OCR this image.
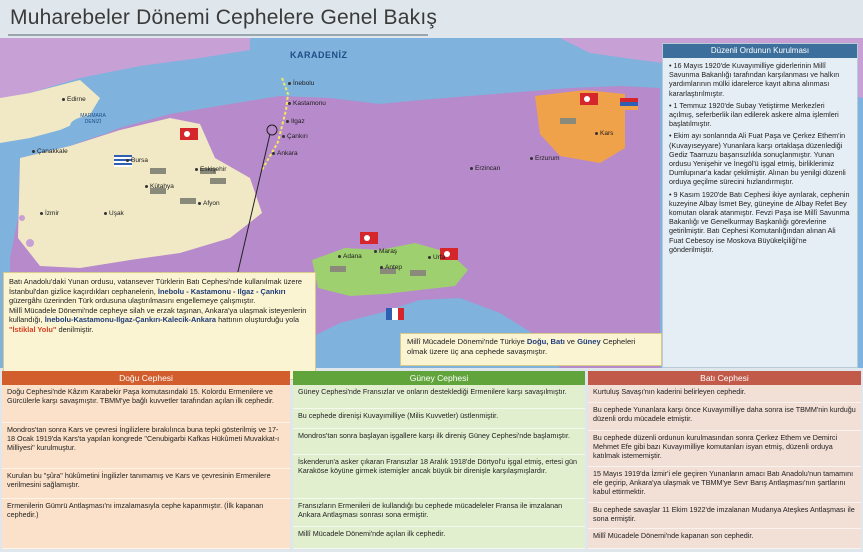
Muharebeler Dönemi Cephelere Genel Bakış
KARADENİZ
MARMARA DENİZİ
Edirne
Çanakkale
Bursa
Eskişehir
Kütahya
Afyon
Uşak
İzmir
İnebolu
Kastamonu
Ilgaz
Çankırı
Ankara
Erzurum
Erzincan
Kars
Adana
Maraş
Antep
Urfa
Batı Anadolu'daki Yunan ordusu, vatansever Türklerin Batı Cephesi'nde kullanılmak üzere İstanbul'dan gizlice kaçırdıkları cephanelerin, İnebolu - Kastamonu - Ilgaz - Çankırı güzergâhı üzerinden Türk ordusuna ulaştırılmasını engellemeye çalışmıştır.
Millî Mücadele Dönemi'nde cepheye silah ve erzak taşınan, Ankara'ya ulaşmak isteyenlerin kullandığı, İnebolu-Kastamonu-Ilgaz-Çankırı-Kalecik-Ankara hattının oluşturduğu yola "İstiklal Yolu" denilmiştir.
Millî Mücadele Dönemi'nde Türkiye Doğu, Batı ve Güney Cepheleri olmak üzere üç ana cephede savaşmıştır.
Düzenli Ordunun Kurulması

• 16 Mayıs 1920'de Kuvayımilliye giderlerinin Millî Savunma Bakanlığı tarafından karşılanması ve halkın yardımlarının mülki idarelerce kayıt altına alınması kararlaştırılmıştır.

• 1 Temmuz 1920'de Subay Yetiştirme Merkezleri açılmış, seferberlik ilan edilerek askere alma işlemleri başlatılmıştır.

• Ekim ayı sonlarında Ali Fuat Paşa ve Çerkez Ethem'in (Kuvayıseyyare) Yunanlara karşı ortaklaşa düzenlediği Gediz Taarruzu başarısızlıkla sonuçlanmıştır. Yunan ordusu Yenişehir ve İnegöl'ü işgal etmiş, birliklerimiz Dumlupınar'a kadar çekilmiştir. Alınan bu yenilgi düzenli orduya geçilme sürecini hızlandırmıştır.

• 9 Kasım 1920'de Batı Cephesi ikiye ayrılarak, cephenin kuzeyine Albay İsmet Bey, güneyine de Albay Refet Bey komutan olarak atanmıştır. Fevzi Paşa ise Millî Savunma Bakanlığı ve Genelkurmay Başkanlığı görevlerine getirilmiştir. Batı Cephesi Komutanlığından alınan Ali Fuat Cebesoy ise Moskova Büyükelçiliği'ne gönderilmiştir.

Doğu Cephesi
Doğu Cephesi'nde Kâzım Karabekir Paşa komutasındaki 15. Kolordu Ermenilere ve Gürcülerle karşı savaşmıştır. TBMM'ye bağlı kuvvetler tarafından açılan ilk cephedir.
Mondros'tan sonra Kars ve çevresi İngilizlere bırakılınca buna tepki gösterilmiş ve 17-18 Ocak 1919'da Kars'ta yapılan kongrede "Cenubigarbi Kafkas Hükûmeti Muvakkat-ı Milliyesi" kurulmuştur.
Kurulan bu "şûra" hükûmetini İngilizler tanımamış ve Kars ve çevresinin Ermenilere verilmesini sağlamıştır.
Ermenilerin Gümrü Antlaşması'nı imzalamasıyla cephe kapanmıştır. (İlk kapanan cephedir.)
Güney Cephesi
Güney Cephesi'nde Fransızlar ve onların desteklediği Ermenilere karşı savaşılmıştır.
Bu cephede direnişi Kuvayımilliye (Milis Kuvvetler) üstlenmiştir.
Mondros'tan sonra başlayan işgallere karşı ilk direniş Güney Cephesi'nde başlamıştır.
İskenderun'a asker çıkaran Fransızlar 18 Aralık 1918'de Dörtyol'u işgal etmiş, ertesi gün Karaköse köyüne girmek istemişler ancak büyük bir direnişle karşılaşmışlardır.
Fransızların Ermenileri de kullandığı bu cephede mücadeleler Fransa ile imzalanan Ankara Antlaşması sonrası sona ermiştir.
Millî Mücadele Dönemi'nde açılan ilk cephedir.
Batı Cephesi
Kurtuluş Savaşı'nın kaderini belirleyen cephedir.
Bu cephede Yunanlara karşı önce Kuvayımilliye daha sonra ise TBMM'nin kurduğu düzenli ordu mücadele etmiştir.
Bu cephede düzenli ordunun kurulmasından sonra Çerkez Ethem ve Demirci Mehmet Efe gibi bazı Kuvayımilliye komutanları isyan etmiş, düzenli orduya katılmak istememiştir.
15 Mayıs 1919'da İzmir'i ele geçiren Yunanların amacı Batı Anadolu'nun tamamını ele geçirip, Ankara'ya ulaşmak ve TBMM'ye Sevr Barış Antlaşması'nın şartlarını kabul ettirmektir.
Bu cephede savaşlar 11 Ekim 1922'de imzalanan Mudanya Ateşkes Antlaşması ile sona ermiştir.
Millî Mücadele Dönemi'nde kapanan son cephedir.
